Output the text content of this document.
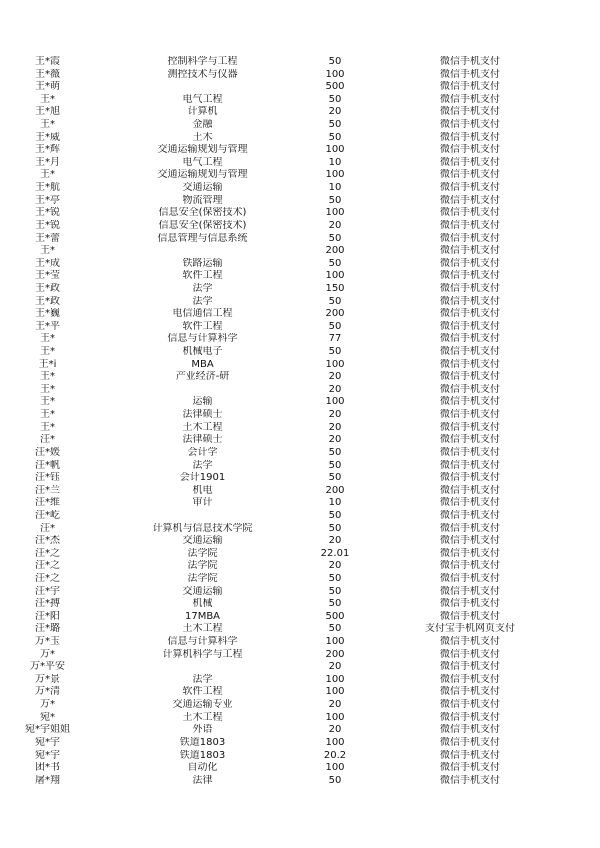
王*霞	控制科学与工程	50	微信手机支付	
王*薇	测控技术与仪器	100	微信手机支付	
王*萌		500	微信手机支付	
王*	电气工程	50	微信手机支付	
王*旭	计算机	20	微信手机支付	
王*	金融	50	微信手机支付	
王*威	土木	50	微信手机支付	
王*辉	交通运输规划与管理	100	微信手机支付	
王*月	电气工程	10	微信手机支付	
王*	交通运输规划与管理	100	微信手机支付	
王*航	交通运输	10	微信手机支付	
王*亭	物流管理	50	微信手机支付	
王*锐	信息安全(保密技术)	100	微信手机支付	
王*锐	信息安全(保密技术)	20	微信手机支付	
王*蕾	信息管理与信息系统	50	微信手机支付	
王*		200	微信手机支付	
王*成	铁路运输	50	微信手机支付	
王*莹	软件工程	100	微信手机支付	
王*政	法学	150	微信手机支付	
王*政	法学	50	微信手机支付	
王*巍	电信通信工程	200	微信手机支付	
王*平	软件工程	50	微信手机支付	
王*	信息与计算科学	77	微信手机支付	
王*	机械电子	50	微信手机支付	
王*i	MBA	100	微信手机支付	
王*	产业经济-研	20	微信手机支付	
王*		20	微信手机支付	
王*	运输	100	微信手机支付	
王*	法律硕士	20	微信手机支付	
王*	土木工程	20	微信手机支付	
汪*	法律硕士	20	微信手机支付	
汪*媛	会计学	50	微信手机支付	
汪*帆	法学	50	微信手机支付	
汪*钰	会计1901	50	微信手机支付	
汪*兰	机电	200	微信手机支付	
汪*维	审计	10	微信手机支付	
汪*屹		50	微信手机支付	
汪*	计算机与信息技术学院	50	微信手机支付	
汪*杰	交通运输	20	微信手机支付	
汪*之	法学院	22.01	微信手机支付	
汪*之	法学院	20	微信手机支付	
汪*之	法学院	50	微信手机支付	
汪*宇	交通运输	50	微信手机支付	
汪*搏	机械	50	微信手机支付	
汪*阳	17MBA	500	微信手机支付	
汪*璐	土木工程	50	支付宝手机网页支付	
万*玉	信息与计算科学	100	微信手机支付	
万*	计算机科学与工程	200	微信手机支付	
万*平安		20	微信手机支付	
万*景	法学	100	微信手机支付	
万*清	软件工程	100	微信手机支付	
万*	交通运输专业	20	微信手机支付	
宛*	土木工程	100	微信手机支付	
宛*宇姐姐	外语	20	微信手机支付	
宛*宇	铁道1803	100	微信手机支付	
宛*宇	铁道1803	20.2	微信手机支付	
团*书	自动化	100	微信手机支付	
屠*翔	法律	50	微信手机支付	
